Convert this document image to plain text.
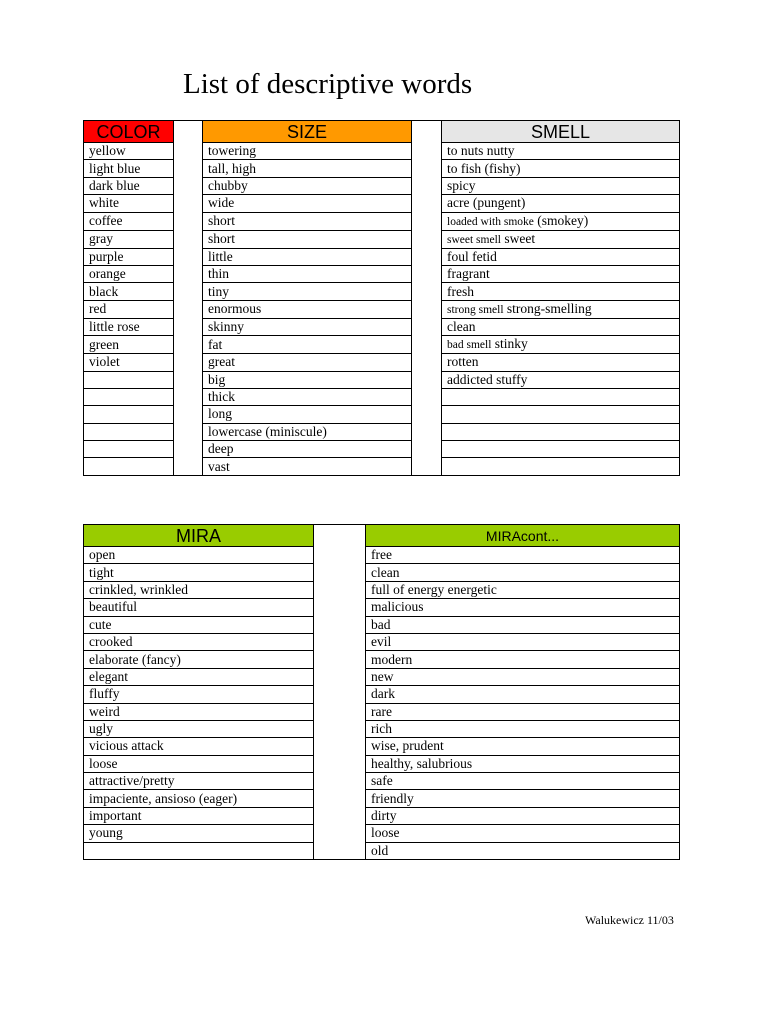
List of descriptive words
COLOR		SIZE		SMELL
yellow		towering		to nuts nutty
light blue		tall, high		to fish (fishy)
dark blue		chubby		spicy
white		wide		acre (pungent)
coffee		short		loaded with smoke (smokey)
gray		short		sweet smell sweet
purple		little		foul fetid
orange		thin		fragrant
black		tiny		fresh
red		enormous		strong smell strong-smelling
little rose		skinny		clean
green		fat		bad smell stinky
violet		great		rotten
		big		addicted stuffy
		thick		
		long		
		lowercase (miniscule)		
		deep		
		vast		
MIRA		MIRAcont...
open		free
tight		clean
crinkled, wrinkled		full of energy energetic
beautiful		malicious
cute		bad
crooked		evil
elaborate (fancy)		modern
elegant		new
fluffy		dark
weird		rare
ugly		rich
vicious attack		wise, prudent
loose		healthy, salubrious
attractive/pretty		safe
impaciente, ansioso (eager)		friendly
important		dirty
young		loose
		old
Walukewicz 11/03
